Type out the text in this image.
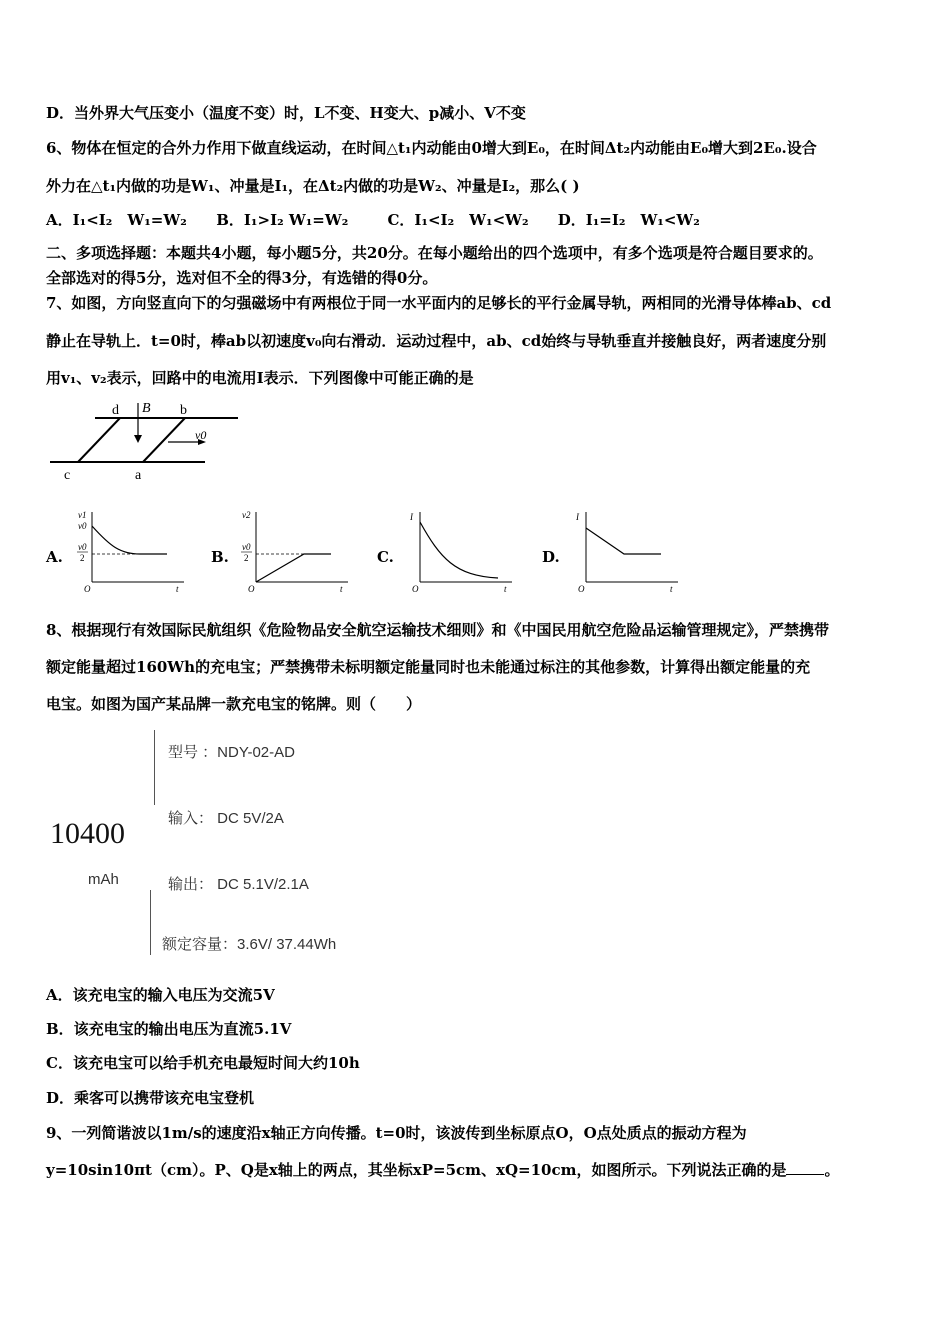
D．当外界大气压变小（温度不变）时，L不变、H变大、p减小、V不变
6、物体在恒定的合外力作用下做直线运动，在时间△t₁内动能由0增大到E₀，在时间Δt₂内动能由E₀增大到2E₀.设合
外力在△t₁内做的功是W₁、冲量是I₁，在Δt₂内做的功是W₂、冲量是I₂，那么( )
A．I₁<I₂　W₁=W₂ B．I₁>I₂ W₁=W₂	C．I₁<I₂　W₁<W₂ D．I₁=I₂　W₁<W₂
二、多项选择题：本题共4小题，每小题5分，共20分。在每小题给出的四个选项中，有多个选项是符合题目要求的。
全部选对的得5分，选对但不全的得3分，有选错的得0分。
7、如图，方向竖直向下的匀强磁场中有两根位于同一水平面内的足够长的平行金属导轨，两相同的光滑导体棒ab、cd
静止在导轨上．t=0时，棒ab以初速度v₀向右滑动．运动过程中，ab、cd始终与导轨垂直并接触良好，两者速度分别
用v₁、v₂表示，回路中的电流用I表示．下列图像中可能正确的是
d B b
c	a
v0
A.
v1
v0
v0
2
O	t
B.
v2
v0
2
O	t
C.
I
O	t
D.
I
O	t
8、根据现行有效国际民航组织《危险物品安全航空运输技术细则》和《中国民用航空危险品运输管理规定》，严禁携带
额定能量超过160Wh的充电宝；严禁携带未标明额定能量同时也未能通过标注的其他参数，计算得出额定能量的充
电宝。如图为国产某品牌一款充电宝的铭牌。则（　　）
型号 ：NDY-02-AD
输入： DC 5V/2A
10400
mAh	输出： DC 5.1V/2.1A
额定容量：3.6V/ 37.44Wh
A．该充电宝的输入电压为交流5V
B．该充电宝的输出电压为直流5.1V
C．该充电宝可以给手机充电最短时间大约10h
D．乘客可以携带该充电宝登机
9、一列简谐波以1m/s的速度沿x轴正方向传播。t=0时，该波传到坐标原点O，O点处质点的振动方程为
y=10sin10πt（cm）。P、Q是x轴上的两点，其坐标xP=5cm、xQ=10cm，如图所示。下列说法正确的是	。
